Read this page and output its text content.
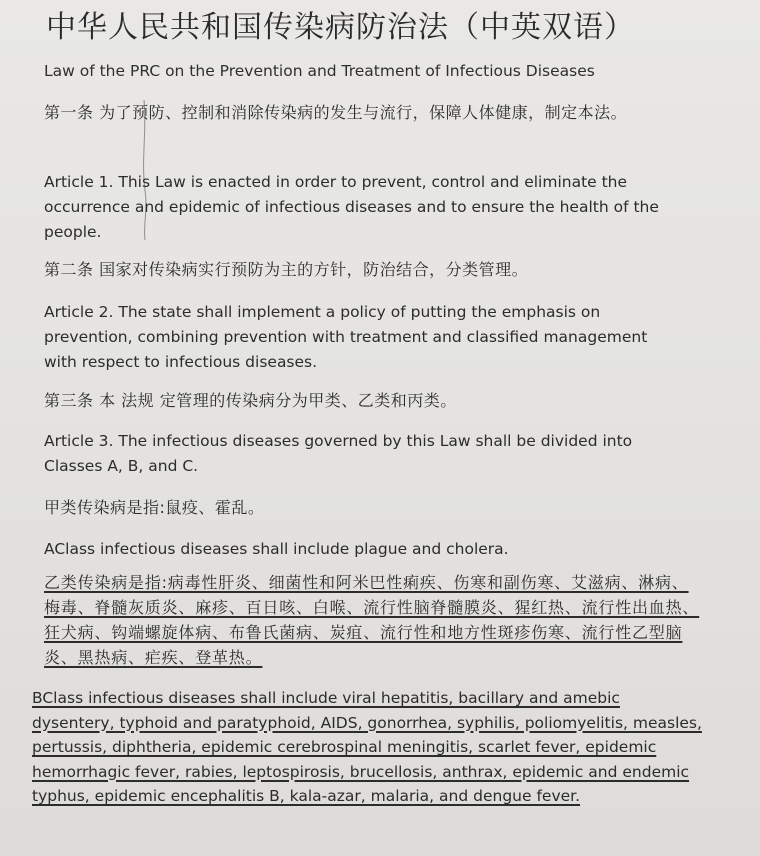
中华人民共和国传染病防治法（中英双语）
Law of the PRC on the Prevention and Treatment of Infectious Diseases

第一条 为了预防、控制和消除传染病的发生与流行，保障人体健康，制定本法。

Article 1. This Law is enacted in order to prevent, control and eliminate the occurrence and epidemic of infectious diseases and to ensure the health of the people.

第二条 国家对传染病实行预防为主的方针，防治结合，分类管理。

Article 2. The state shall implement a policy of putting the emphasis on prevention, combining prevention with treatment and classified management with respect to infectious diseases.

第三条 本 法规 定管理的传染病分为甲类、乙类和丙类。

Article 3. The infectious diseases governed by this Law shall be divided into Classes A, B, and C.

甲类传染病是指:鼠疫、霍乱。

AClass infectious diseases shall include plague and cholera.

乙类传染病是指:病毒性肝炎、细菌性和阿米巴性痢疾、伤寒和副伤寒、艾滋病、淋病、梅毒、脊髓灰质炎、麻疹、百日咳、白喉、流行性脑脊髓膜炎、猩红热、流行性出血热、狂犬病、钩端螺旋体病、布鲁氏菌病、炭疽、流行性和地方性斑疹伤寒、流行性乙型脑炎、黑热病、疟疾、登革热。

BClass infectious diseases shall include viral hepatitis, bacillary and amebic dysentery, typhoid and paratyphoid, AIDS, gonorrhea, syphilis, poliomyelitis, measles, pertussis, diphtheria, epidemic cerebrospinal meningitis, scarlet fever, epidemic hemorrhagic fever, rabies, leptospirosis, brucellosis, anthrax, epidemic and endemic typhus, epidemic encephalitis B, kala-azar, malaria, and dengue fever.
